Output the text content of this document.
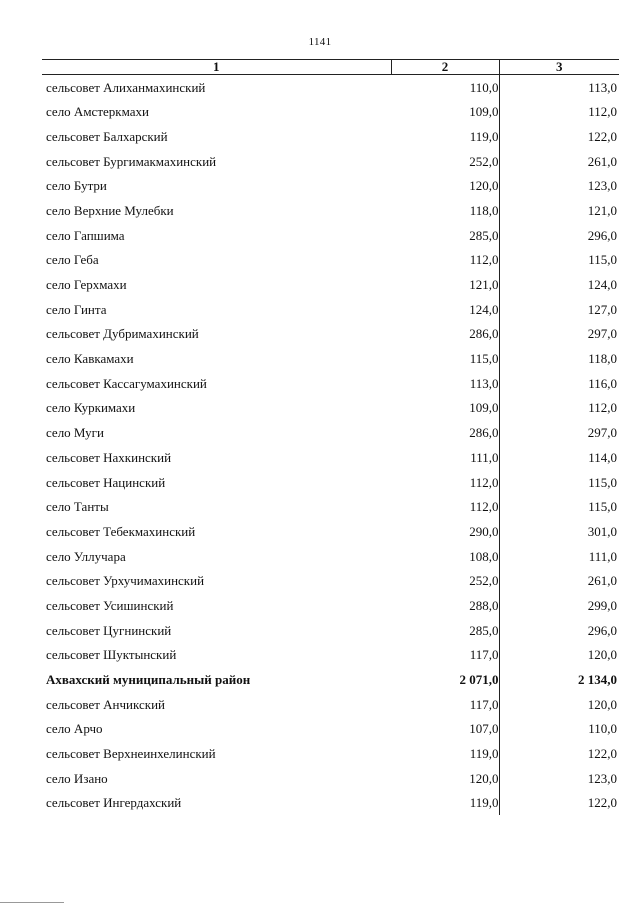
1141
1	2	3
сельсовет Алиханмахинский	110,0	113,0
село Амстеркмахи	109,0	112,0
сельсовет Балхарский	119,0	122,0
сельсовет Бургимакмахинский	252,0	261,0
село Бутри	120,0	123,0
село Верхние Мулебки	118,0	121,0
село Гапшима	285,0	296,0
село Геба	112,0	115,0
село Герхмахи	121,0	124,0
село Гинта	124,0	127,0
сельсовет Дубримахинский	286,0	297,0
село Кавкамахи	115,0	118,0
сельсовет Кассагумахинский	113,0	116,0
село Куркимахи	109,0	112,0
село Муги	286,0	297,0
сельсовет Нахкинский	111,0	114,0
сельсовет Нацинский	112,0	115,0
село Танты	112,0	115,0
сельсовет Тебекмахинский	290,0	301,0
село Уллучара	108,0	111,0
сельсовет Урхучимахинский	252,0	261,0
сельсовет Усишинский	288,0	299,0
сельсовет Цугнинский	285,0	296,0
сельсовет Шуктынский	117,0	120,0
Ахвахский муниципальный район	2 071,0	2 134,0
сельсовет Анчикский	117,0	120,0
село Арчо	107,0	110,0
сельсовет Верхнеинхелинский	119,0	122,0
село Изано	120,0	123,0
сельсовет Ингердахский	119,0	122,0
